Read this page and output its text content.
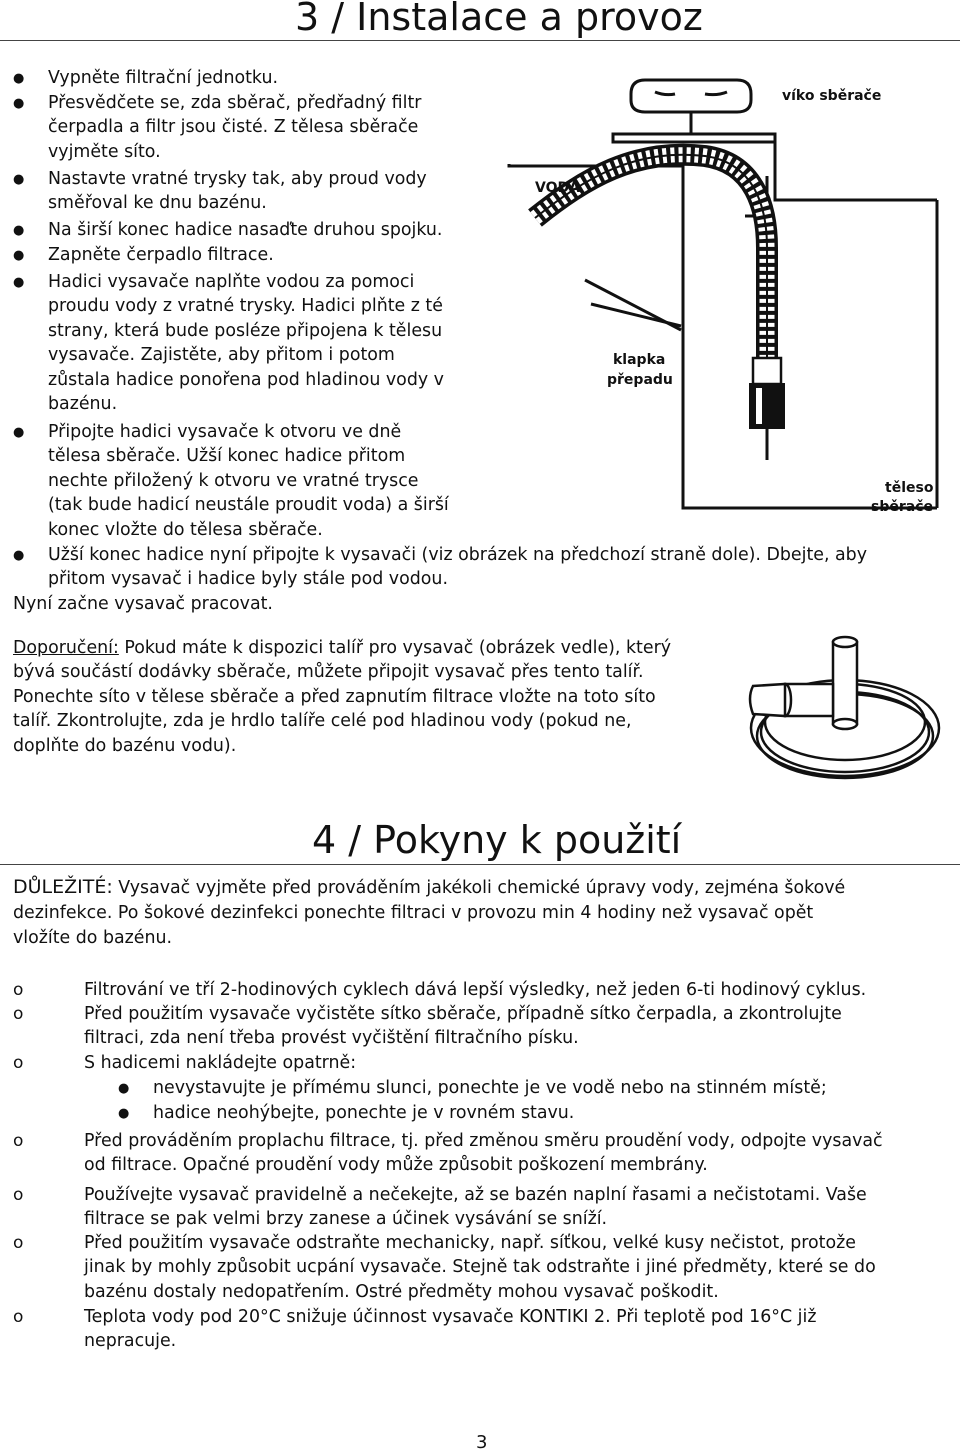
3 / Instalace a provoz
● Vypněte filtrační jednotku.
● Přesvědčete se, zda sběrač, předřadný filtr
čerpadla a filtr jsou čisté. Z tělesa sběrače
vyjměte síto.
● Nastavte vratné trysky tak, aby proud vody
směřoval ke dnu bazénu.
● Na širší konec hadice nasaďte druhou spojku.
● Zapněte čerpadlo filtrace.
● Hadici vysavače naplňte vodou za pomoci
proudu vody z vratné trysky. Hadici plňte z té
strany, která bude posléze připojena k tělesu
vysavače. Zajistěte, aby přitom i potom
zůstala hadice ponořena pod hladinou vody v
bazénu.
● Připojte hadici vysavače k otvoru ve dně
tělesa sběrače. Užší konec hadice přitom
nechte přiložený k otvoru ve vratné trysce
(tak bude hadicí neustále proudit voda) a širší
konec vložte do tělesa sběrače.
● Užší konec hadice nyní připojte k vysavači (viz obrázek na předchozí straně dole). Dbejte, aby
přitom vysavač i hadice byly stále pod vodou.
Nyní začne vysavač pracovat.
víko sběrače
VODA
klapka
přepadu
těleso
sběrače
Doporučení: Pokud máte k dispozici talíř pro vysavač (obrázek vedle), který
bývá součástí dodávky sběrače, můžete připojit vysavač přes tento talíř.
Ponechte síto v tělese sběrače a před zapnutím filtrace vložte na toto síto
talíř. Zkontrolujte, zda je hrdlo talíře celé pod hladinou vody (pokud ne,
doplňte do bazénu vodu).
4 / Pokyny k použití
DŮLEŽITÉ: Vysavač vyjměte před prováděním jakékoli chemické úpravy vody, zejména šokové
dezinfekce. Po šokové dezinfekci ponechte filtraci v provozu min 4 hodiny než vysavač opět
vložíte do bazénu.
o	Filtrování ve tří 2-hodinových cyklech dává lepší výsledky, než jeden 6-ti hodinový cyklus.
o	Před použitím vysavače vyčistěte sítko sběrače, případně sítko čerpadla, a zkontrolujte
filtraci, zda není třeba provést vyčištění filtračního písku.
o	S hadicemi nakládejte opatrně:
● nevystavujte je přímému slunci, ponechte je ve vodě nebo na stinném místě;
● hadice neohýbejte, ponechte je v rovném stavu.
o	Před prováděním proplachu filtrace, tj. před změnou směru proudění vody, odpojte vysavač
od filtrace. Opačné proudění vody může způsobit poškození membrány.
o	Používejte vysavač pravidelně a nečekejte, až se bazén naplní řasami a nečistotami. Vaše
filtrace se pak velmi brzy zanese a účinek vysávání se sníží.
o	Před použitím vysavače odstraňte mechanicky, např. síťkou, velké kusy nečistot, protože
jinak by mohly způsobit ucpání vysavače. Stejně tak odstraňte i jiné předměty, které se do
bazénu dostaly nedopatřením. Ostré předměty mohou vysavač poškodit.
o	Teplota vody pod 20°C snižuje účinnost vysavače KONTIKI 2. Při teplotě pod 16°C již
nepracuje.
3
